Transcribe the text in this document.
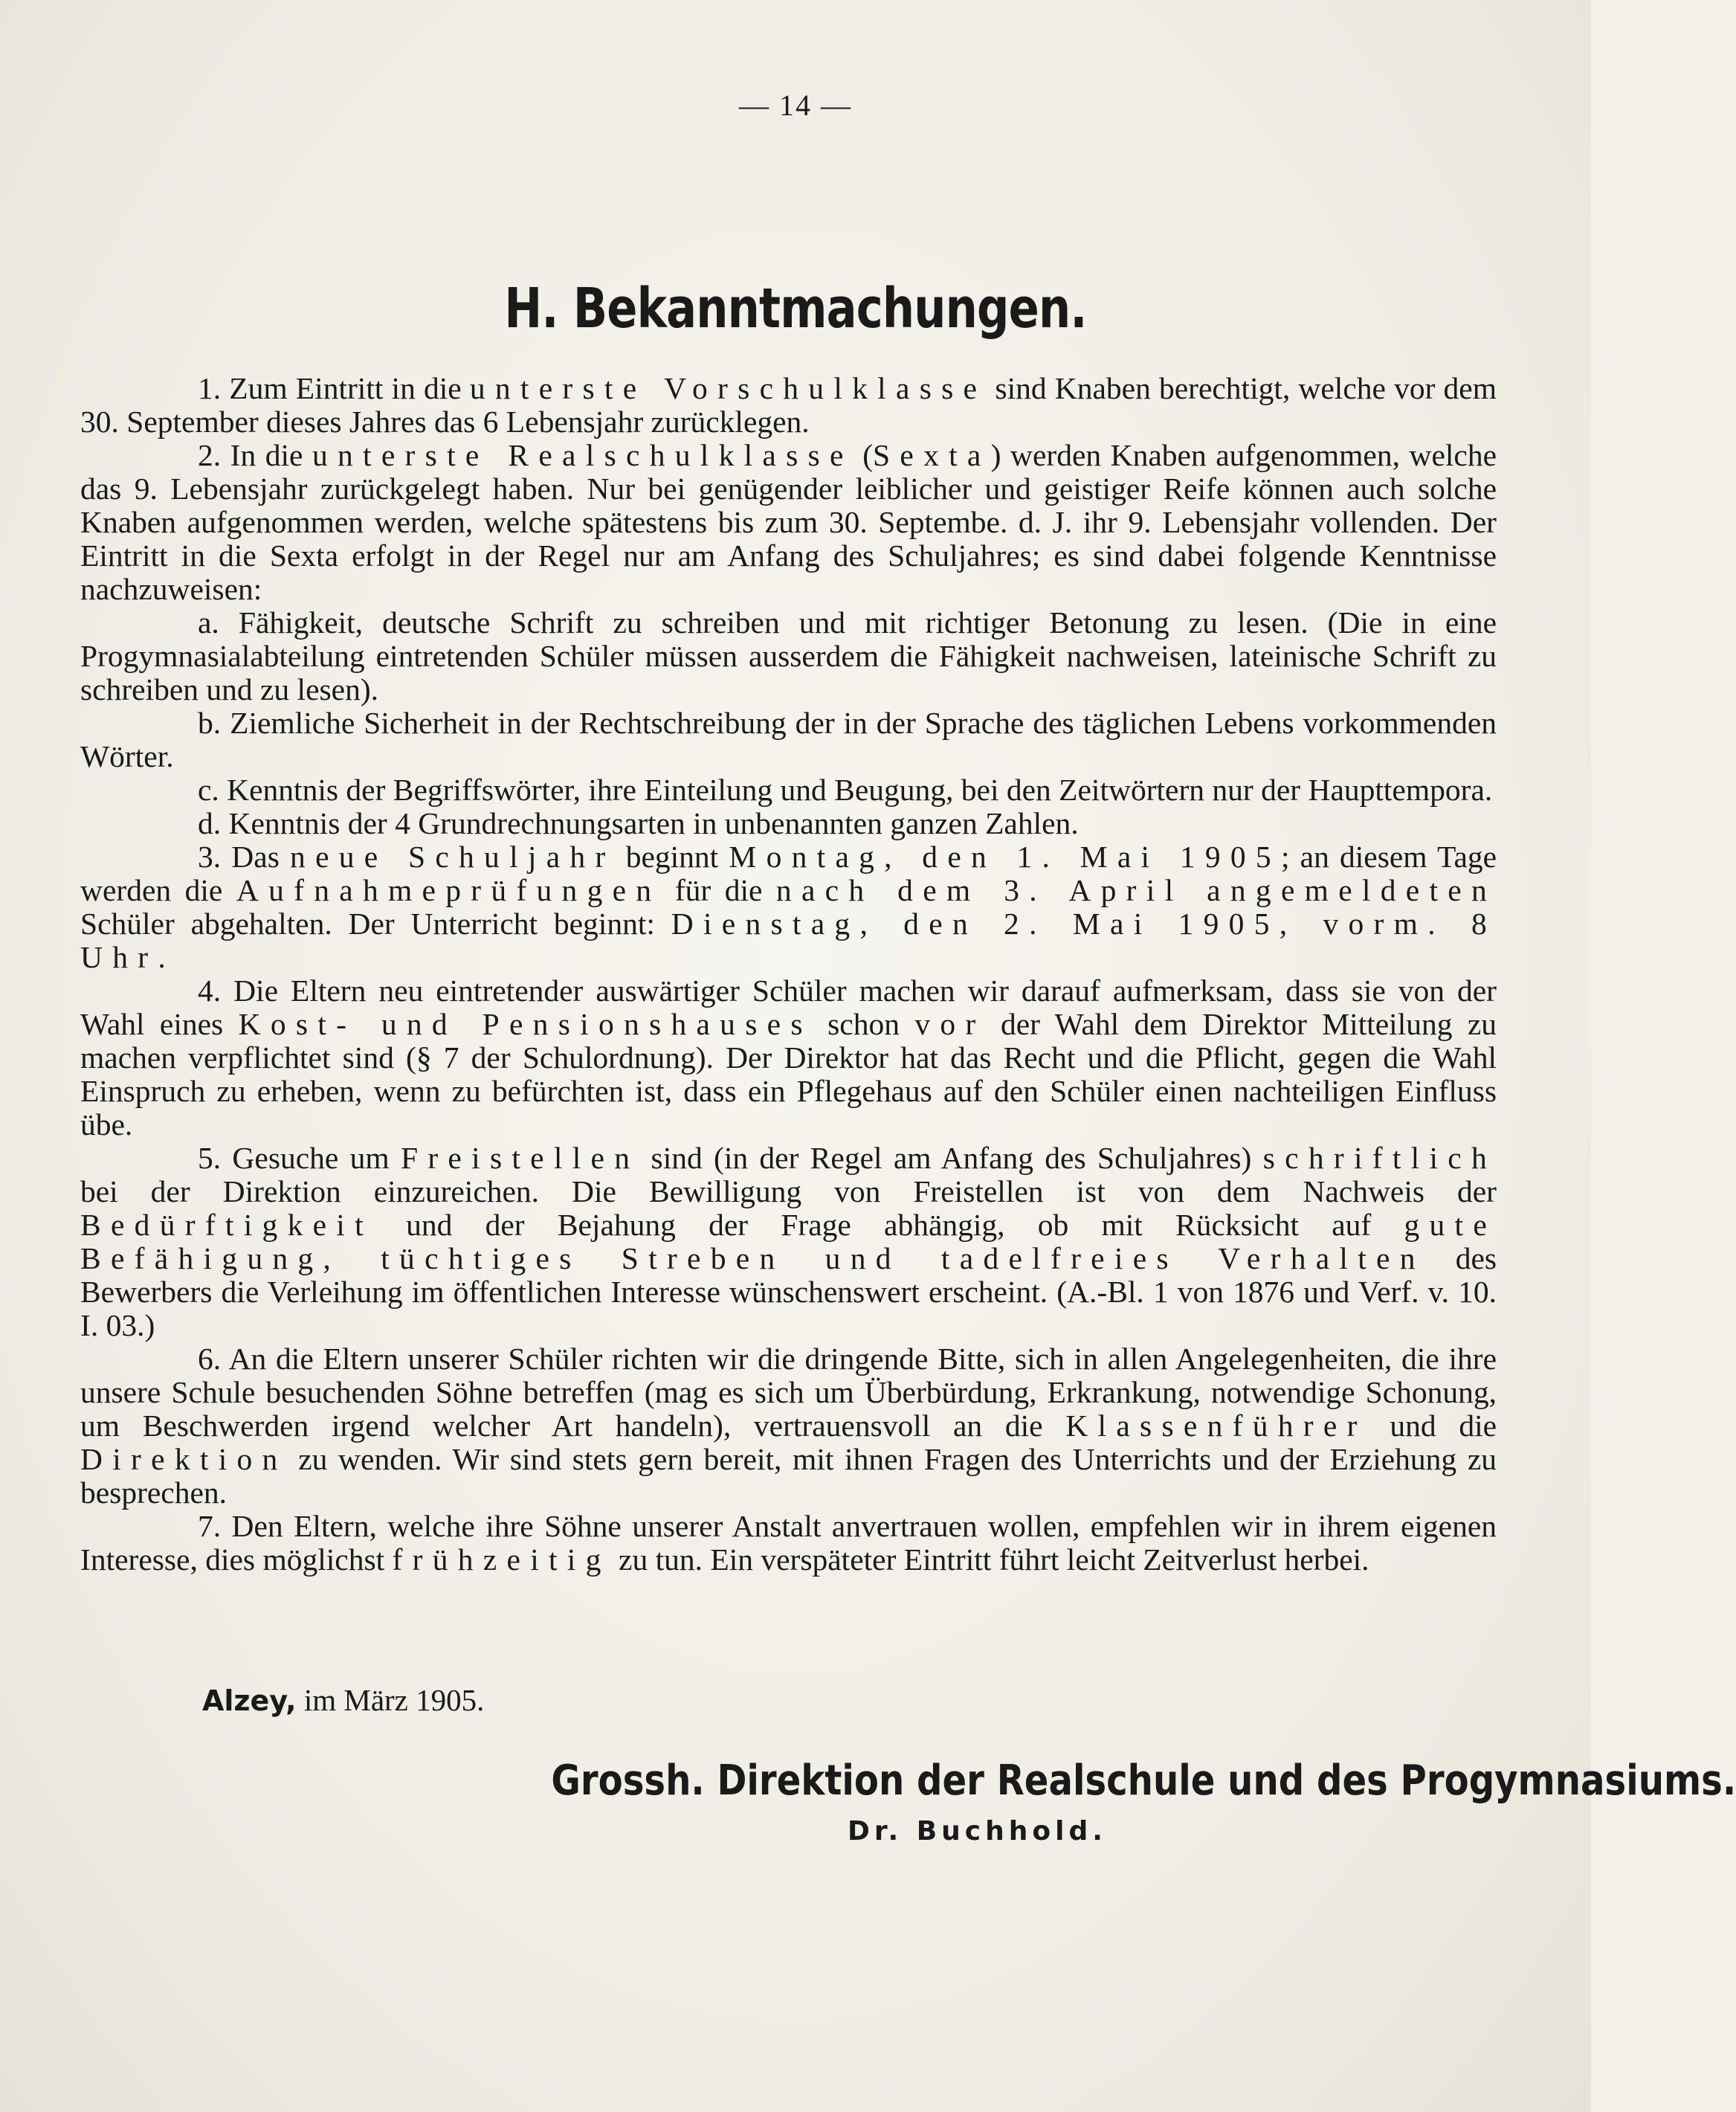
— 14 —
H. Bekanntmachungen.

1. Zum Eintritt in die unterste Vorschulklasse sind Knaben berechtigt, welche vor dem 30. September dieses Jahres das 6 Lebensjahr zurücklegen.

2. In die unterste Realschulklasse (Sexta) werden Knaben aufgenommen, welche das 9. Lebensjahr zurückgelegt haben. Nur bei genügender leiblicher und geistiger Reife können auch solche Knaben aufgenommen werden, welche spätestens bis zum 30. Septembe. d. J. ihr 9. Lebensjahr vollenden. Der Eintritt in die Sexta erfolgt in der Regel nur am Anfang des Schuljahres; es sind dabei folgende Kenntnisse nachzuweisen:

a. Fähigkeit, deutsche Schrift zu schreiben und mit richtiger Betonung zu lesen. (Die in eine Progymnasialabteilung eintretenden Schüler müssen ausserdem die Fähigkeit nachweisen, lateinische Schrift zu schreiben und zu lesen).

b. Ziemliche Sicherheit in der Rechtschreibung der in der Sprache des täglichen Lebens vorkommenden Wörter.

c. Kenntnis der Begriffswörter, ihre Einteilung und Beugung, bei den Zeitwörtern nur der Haupttempora.

d. Kenntnis der 4 Grundrechnungsarten in unbenannten ganzen Zahlen.

3. Das neue Schuljahr beginnt Montag, den 1. Mai 1905; an diesem Tage werden die Aufnahmeprüfungen für die nach dem 3. April angemeldeten Schüler abgehalten. Der Unterricht beginnt: Dienstag, den 2. Mai 1905, vorm. 8 Uhr.

4. Die Eltern neu eintretender auswärtiger Schüler machen wir darauf aufmerksam, dass sie von der Wahl eines Kost- und Pensionshauses schon vor der Wahl dem Direktor Mitteilung zu machen verpflichtet sind (§ 7 der Schulordnung). Der Direktor hat das Recht und die Pflicht, gegen die Wahl Einspruch zu erheben, wenn zu befürchten ist, dass ein Pflegehaus auf den Schüler einen nachteiligen Einfluss übe.

5. Gesuche um Freistellen sind (in der Regel am Anfang des Schuljahres) schriftlich bei der Direktion einzureichen. Die Bewilligung von Freistellen ist von dem Nachweis der Bedürftigkeit und der Bejahung der Frage abhängig, ob mit Rücksicht auf gute Befähigung, tüchtiges Streben und tadelfreies Verhalten des Bewerbers die Verleihung im öffentlichen Interesse wünschenswert erscheint. (A.-Bl. 1 von 1876 und Verf. v. 10. I. 03.)

6. An die Eltern unserer Schüler richten wir die dringende Bitte, sich in allen Angelegenheiten, die ihre unsere Schule besuchenden Söhne betreffen (mag es sich um Überbürdung, Erkrankung, notwendige Schonung, um Beschwerden irgend welcher Art handeln), vertrauensvoll an die Klassenführer und die Direktion zu wenden. Wir sind stets gern bereit, mit ihnen Fragen des Unterrichts und der Erziehung zu besprechen.

7. Den Eltern, welche ihre Söhne unserer Anstalt anvertrauen wollen, empfehlen wir in ihrem eigenen Interesse, dies möglichst frühzeitig zu tun. Ein verspäteter Eintritt führt leicht Zeitverlust herbei.

Alzey, im März 1905.
Grossh. Direktion der Realschule und des Progymnasiums.
Dr. Buchhold.
